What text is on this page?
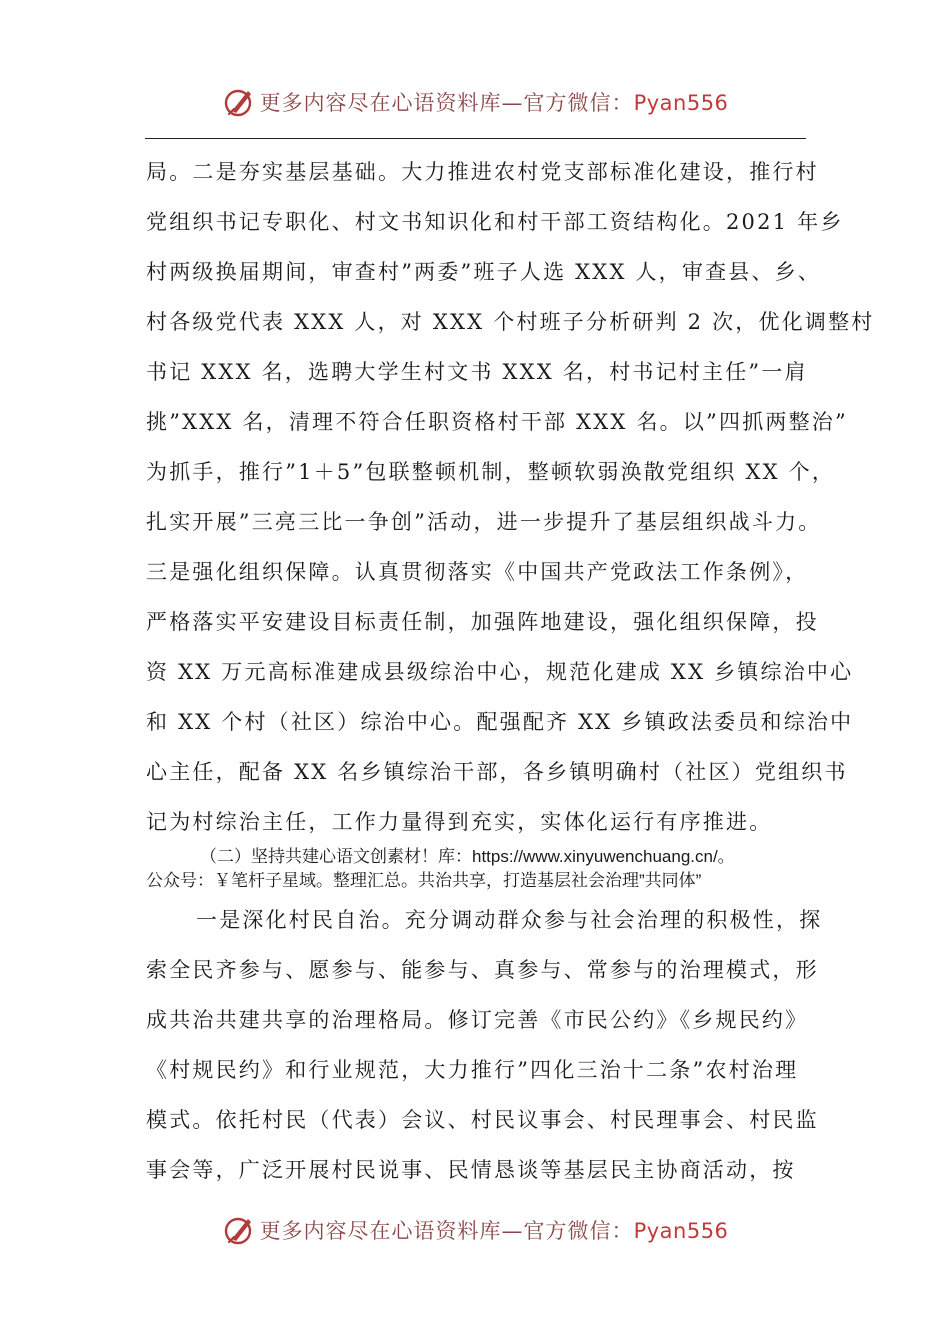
更多内容尽在心语资料库—官方微信：Pyan556
局。二是夯实基层基础。大力推进农村党支部标准化建设，推行村
党组织书记专职化、村文书知识化和村干部工资结构化。2021 年乡
村两级换届期间，审查村”两委”班子人选 XXX 人，审查县、乡、
村各级党代表 XXX 人，对 XXX 个村班子分析研判 2 次，优化调整村
书记 XXX 名，选聘大学生村文书 XXX 名，村书记村主任”一肩
挑”XXX 名，清理不符合任职资格村干部 XXX 名。以”四抓两整治”
为抓手，推行”1＋5”包联整顿机制，整顿软弱涣散党组织 XX 个，
扎实开展”三亮三比一争创”活动，进一步提升了基层组织战斗力。
三是强化组织保障。认真贯彻落实《中国共产党政法工作条例》，
严格落实平安建设目标责任制，加强阵地建设，强化组织保障，投
资 XX 万元高标准建成县级综治中心，规范化建成 XX 乡镇综治中心
和 XX 个村（社区）综治中心。配强配齐 XX 乡镇政法委员和综治中
心主任，配备 XX 名乡镇综治干部，各乡镇明确村（社区）党组织书
记为村综治主任，工作力量得到充实，实体化运行有序推进。
（二）坚持共建心语文创素材！库：https://www.xinyuwenchuang.cn/。
公众号：￥笔杆子星域。整理汇总。共治共享，打造基层社会治理”共同体”
一是深化村民自治。充分调动群众参与社会治理的积极性，探
索全民齐参与、愿参与、能参与、真参与、常参与的治理模式，形
成共治共建共享的治理格局。修订完善《市民公约》《乡规民约》
《村规民约》和行业规范，大力推行”四化三治十二条”农村治理
模式。依托村民（代表）会议、村民议事会、村民理事会、村民监
事会等，广泛开展村民说事、民情恳谈等基层民主协商活动，按
更多内容尽在心语资料库—官方微信：Pyan556
